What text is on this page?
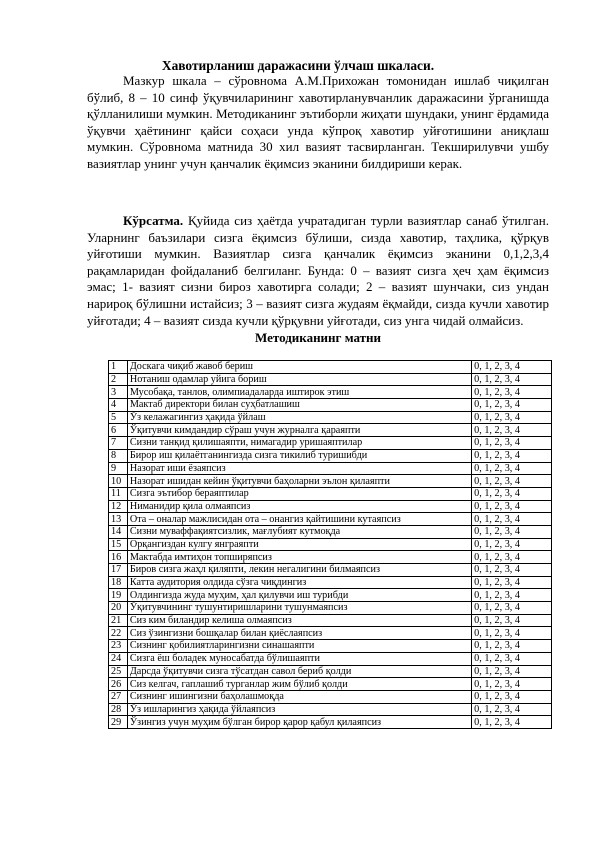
Хавотирланиш даражасини ўлчаш шкаласи.

Мазкур шкала – сўровнома А.М.Прихожан томонидан ишлаб чиқилган бўлиб, 8 – 10 синф ўқувчиларининг хавотирланувчанлик даражасини ўрганишда қўлланилиши мумкин. Методиканинг эътиборли жиҳати шундаки, унинг ёрдамида ўқувчи ҳаётининг қайси соҳаси унда кўпроқ хавотир уйғотишини аниқлаш мумкин. Сўровнома матнида 30 хил вазият тасвирланган. Текширилувчи ушбу вазиятлар унинг учун қанчалик ёқимсиз эканини билдириши керак.

Кўрсатма. Қуйида сиз ҳаётда учратадиган турли вазиятлар санаб ўтилган. Уларнинг баъзилари сизга ёқимсиз бўлиши, сизда хавотир, таҳлика, қўрқув уйғотиши мумкин. Вазиятлар сизга қанчалик ёқимсиз эканини 0,1,2,3,4 рақамларидан фойдаланиб белгиланг. Бунда: 0 – вазият сизга ҳеч ҳам ёқимсиз эмас; 1- вазият сизни бироз хавотирга солади; 2 – вазият шунчаки, сиз ундан нарироқ бўлишни истайсиз; 3 – вазият сизга жудаям ёқмайди, сизда кучли хавотир уйғотади; 4 – вазият сизда кучли қўрқувни уйғотади, сиз унга чидай олмайсиз.

Методиканинг матни
1	Доскага чиқиб жавоб бериш	0, 1, 2, 3, 4
2	Нотаниш одамлар уйига бориш	0, 1, 2, 3, 4
3	Мусобақа, танлов, олимпиадаларда иштирок этиш	0, 1, 2, 3, 4
4	Мактаб директори билан суҳбатлашиш	0, 1, 2, 3, 4
5	Ўз келажагингиз ҳақида ўйлаш	0, 1, 2, 3, 4
6	Ўқитувчи кимдандир сўраш учун журналга қараяпти	0, 1, 2, 3, 4
7	Сизни танқид қилишаяпти, нимагадир уришаяптилар	0, 1, 2, 3, 4
8	Бирор иш қилаётганингизда сизга тикилиб туришибди	0, 1, 2, 3, 4
9	Назорат иши ёзаяпсиз	0, 1, 2, 3, 4
10	Назорат ишидан кейин ўқитувчи баҳоларни эълон қилаяпти	0, 1, 2, 3, 4
11	Сизга эътибор бераяптилар	0, 1, 2, 3, 4
12	Ниманидир қила олмаяпсиз	0, 1, 2, 3, 4
13	Ота – оналар мажлисидан ота – онангиз қайтишини кутаяпсиз	0, 1, 2, 3, 4
14	Сизни муваффақиятсизлик, мағлубият кутмоқда	0, 1, 2, 3, 4
15	Орқангиздан кулгу янграяпти	0, 1, 2, 3, 4
16	Мактабда имтиҳон топширяпсиз	0, 1, 2, 3, 4
17	Биров сизга жаҳл қиляпти, лекин негалигини билмаяпсиз	0, 1, 2, 3, 4
18	Катта аудитория олдида сўзга чиқдингиз	0, 1, 2, 3, 4
19	Олдингизда жуда муҳим, ҳал қилувчи иш турибди	0, 1, 2, 3, 4
20	Ўқитувчининг тушунтиришларини тушунмаяпсиз	0, 1, 2, 3, 4
21	Сиз ким биландир келиша олмаяпсиз	0, 1, 2, 3, 4
22	Сиз ўзингизни бошқалар билан қиёслаяпсиз	0, 1, 2, 3, 4
23	Сизнинг қобилиятларингизни синашаяпти	0, 1, 2, 3, 4
24	Сизга ёш боладек муносабатда бўлишаяпти	0, 1, 2, 3, 4
25	Дарсда ўқитувчи сизга тўсатдан савол бериб қолди	0, 1, 2, 3, 4
26	Сиз келгач, гаплашиб турганлар жим бўлиб қолди	0, 1, 2, 3, 4
27	Сизнинг ишингизни баҳолашмоқда	0, 1, 2, 3, 4
28	Ўз ишларингиз ҳақида ўйлаяпсиз	0, 1, 2, 3, 4
29	Ўзингиз учун муҳим бўлган бирор қарор қабул қилаяпсиз	0, 1, 2, 3, 4
